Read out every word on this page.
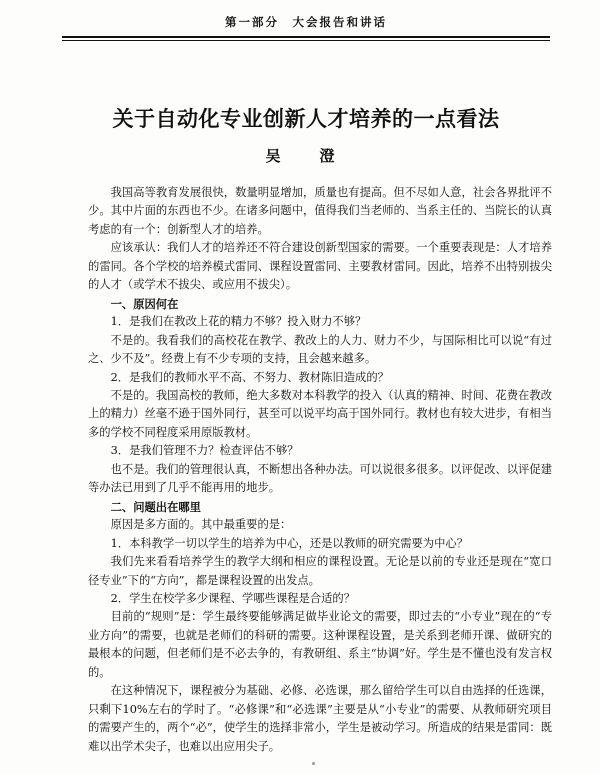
第一部分　大会报告和讲话
关于自动化专业创新人才培养的一点看法
吴　澄

我国高等教育发展很快，数量明显增加，质量也有提高。但不尽如人意，社会各界批评不少。其中片面的东西也不少。在诸多问题中，值得我们当老师的、当系主任的、当院长的认真考虑的有一个：创新型人才的培养。

应该承认：我们人才的培养还不符合建设创新型国家的需要。一个重要表现是：人才培养的雷同。各个学校的培养模式雷同、课程设置雷同、主要教材雷同。因此，培养不出特别拔尖的人才（或学术不拔尖、或应用不拔尖）。

一、原因何在

1．是我们在教改上花的精力不够？投入财力不够？

不是的。我看我们的高校花在教学、教改上的人力、财力不少，与国际相比可以说“有过之、少不及”。经费上有不少专项的支持，且会越来越多。

2．是我们的教师水平不高、不努力、教材陈旧造成的？

不是的。我国高校的教师，绝大多数对本科教学的投入（认真的精神、时间、花费在教改上的精力）丝毫不逊于国外同行，甚至可以说平均高于国外同行。教材也有较大进步，有相当多的学校不同程度采用原版教材。

3．是我们管理不力？检查评估不够？

也不是。我们的管理很认真，不断想出各种办法。可以说很多很多。以评促改、以评促建等办法已用到了几乎不能再用的地步。

二、问题出在哪里

原因是多方面的。其中最重要的是：

1．本科教学一切以学生的培养为中心，还是以教师的研究需要为中心？

我们先来看看培养学生的教学大纲和相应的课程设置。无论是以前的专业还是现在“宽口径专业”下的“方向”，都是课程设置的出发点。

2．学生在校学多少课程、学哪些课程是合适的？

目前的“规则”是：学生最终要能够满足做毕业论文的需要，即过去的“小专业”现在的“专业方向”的需要，也就是老师们的科研的需要。这种课程设置，是关系到老师开课、做研究的最根本的问题，但老师们是不必去争的，有教研组、系主“协调”好。学生是不懂也没有发言权的。

在这种情况下，课程被分为基础、必修、必选课，那么留给学生可以自由选择的任选课，只剩下10%左右的学时了。“必修课”和“必选课”主要是从“小专业”的需要、从教师研究项目的需要产生的，两个“必”，使学生的选择非常小，学生是被动学习。所造成的结果是雷同：既难以出学术尖子，也难以出应用尖子。
